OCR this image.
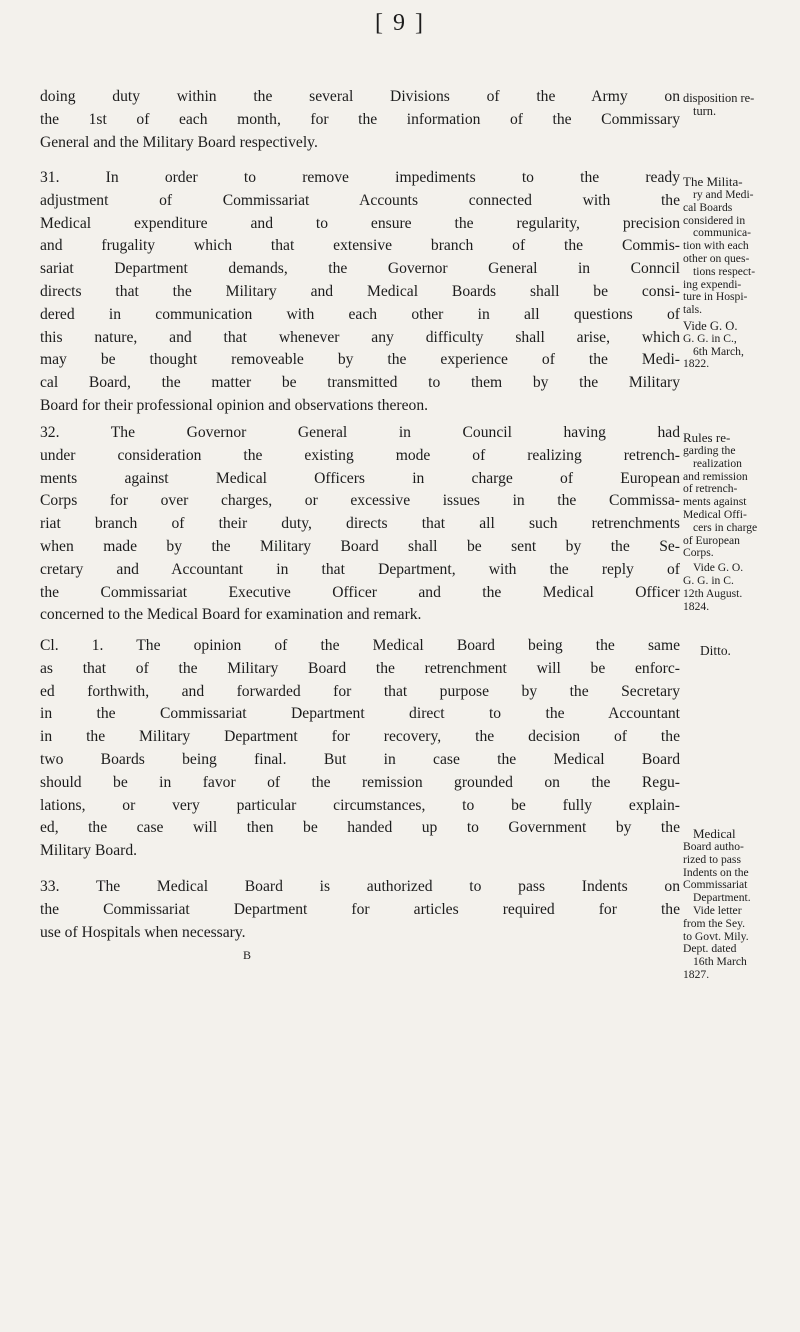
[ 9 ]
doing duty within the several Divisions of the Army on
the 1st of each month, for the information of the Commissary
General and the Military Board respectively.
disposition re-
turn.
31. In order to remove impediments to the ready
adjustment of Commissariat Accounts connected with the
Medical expenditure and to ensure the regularity, precision
and frugality which that extensive branch of the Commis-
sariat Department demands, the Governor General in Conncil
directs that the Military and Medical Boards shall be consi-
dered in communication with each other in all questions of
this nature, and that whenever any difficulty shall arise, which
may be thought removeable by the experience of the Medi-
cal Board, the matter be transmitted to them by the Military
Board for their professional opinion and observations thereon.
The Milita-
ry and Medi-
cal Boards
considered in
communica-
tion with each
other on ques-
tions respect-
ing expendi-
ture in Hospi-
tals.
Vide G. O.
G. G. in C.,
6th March,
1822.
32. The Governor General in Council having had
under consideration the existing mode of realizing retrench-
ments against Medical Officers in charge of European
Corps for over charges, or excessive issues in the Commissa-
riat branch of their duty, directs that all such retrenchments
when made by the Military Board shall be sent by the Se-
cretary and Accountant in that Department, with the reply of
the Commissariat Executive Officer and the Medical Officer
concerned to the Medical Board for examination and remark.
Rules re-
garding the
realization
and remission
of retrench-
ments against
Medical Offi-
cers in charge
of European
Corps.
Vide G. O.
G. G. in C.
12th August.
1824.
Cl. 1. The opinion of the Medical Board being the same
as that of the Military Board the retrenchment will be enforc-
ed forthwith, and forwarded for that purpose by the Secretary
in the Commissariat Department direct to the Accountant
in the Military Department for recovery, the decision of the
two Boards being final. But in case the Medical Board
should be in favor of the remission grounded on the Regu-
lations, or very particular circumstances, to be fully explain-
ed, the case will then be handed up to Government by the
Military Board.
Ditto.
33. The Medical Board is authorized to pass Indents on
the Commissariat Department for articles required for the
use of Hospitals when necessary.
Medical
Board autho-
rized to pass
Indents on the
Commissariat
Department.
Vide letter
from the Sey.
to Govt. Mily.
Dept. dated
16th March
1827.
B
